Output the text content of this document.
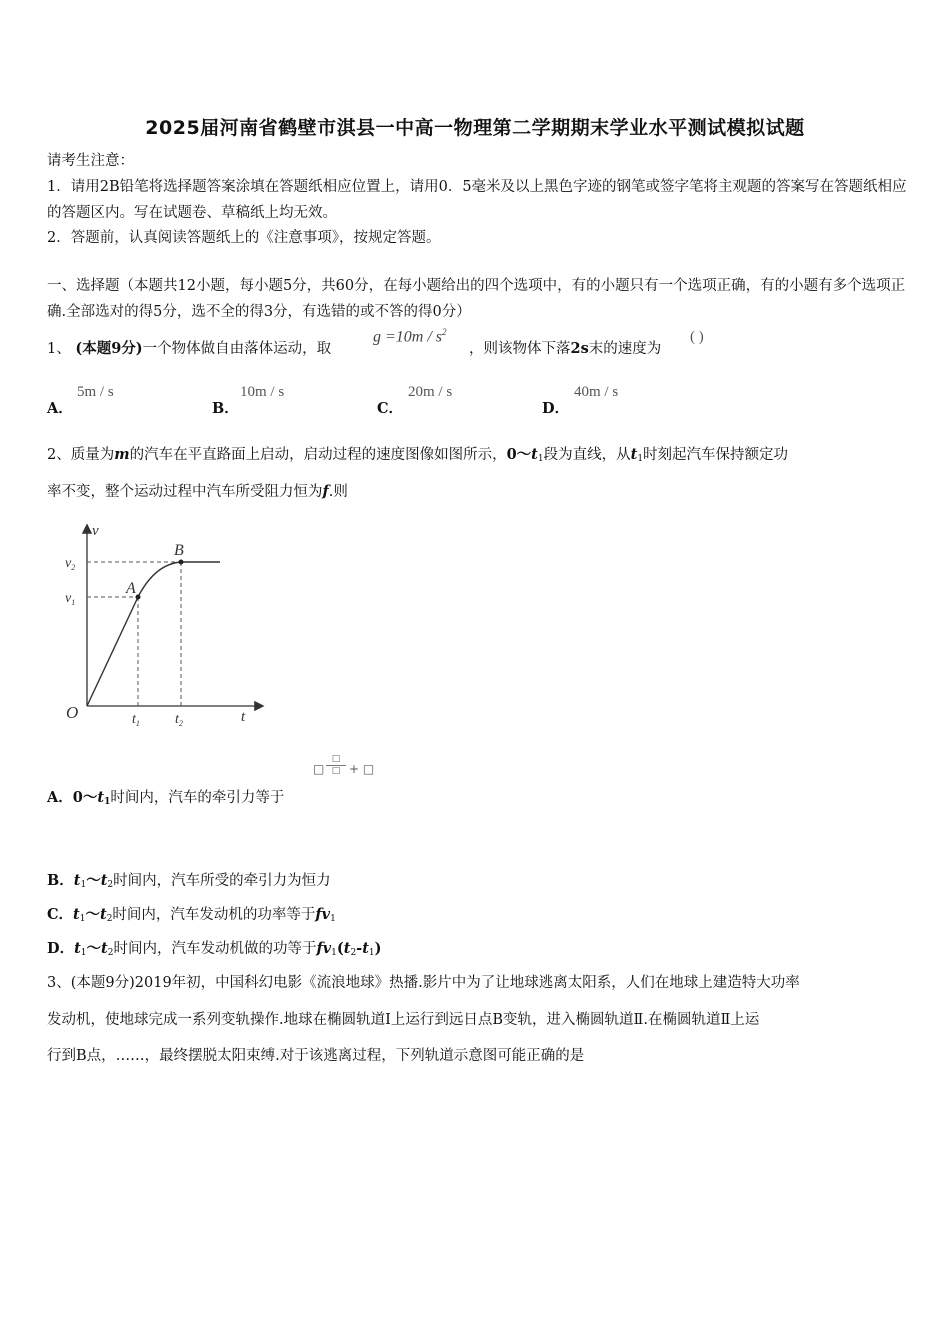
2025届河南省鹤壁市淇县一中高一物理第二学期期末学业水平测试模拟试题
请考生注意：
1．请用2B铅笔将选择题答案涂填在答题纸相应位置上，请用0．5毫米及以上黑色字迹的钢笔或签字笔将主观题的答案写在答题纸相应的答题区内。写在试题卷、草稿纸上均无效。
2．答题前，认真阅读答题纸上的《注意事项》，按规定答题。
一、选择题（本题共12小题，每小题5分，共60分，在每小题给出的四个选项中，有的小题只有一个选项正确，有的小题有多个选项正确.全部选对的得5分，选不全的得3分，有选错的或不答的得0分）
1、 (本题9分)一个物体做自由落体运动，取
$g =10m / s^2$
，则该物体下落2s末的速度为
( )
A．
5m / s
B．
10m / s
C．
20m / s
D．
40m / s
2、质量为m的汽车在平直路面上启动，启动过程的速度图像如图所示，$0\sim t_1$段为直线，从$t_1$时刻起汽车保持额定功
率不变，整个运动过程中汽车所受阻力恒为f.则
v
t
O
$v_1$
$v_2$
$t_1$	$t_2$
A
B
□
□
□ + □
A．$0\sim t_1$时间内，汽车的牵引力等于
B．$t_1\sim t_2$时间内，汽车所受的牵引力为恒力
C．$t_1\sim t_2$时间内，汽车发动机的功率等于$fv_1$
D．$t_1\sim t_2$时间内，汽车发动机做的功等于$fv_1(t_2-t_1)$
3、(本题9分)2019年初，中国科幻电影《流浪地球》热播.影片中为了让地球逃离太阳系，人们在地球上建造特大功率
发动机，使地球完成一系列变轨操作.地球在椭圆轨道Ⅰ上运行到远日点B变轨，进入椭圆轨道Ⅱ.在椭圆轨道Ⅱ上运
行到B点，……，最终摆脱太阳束缚.对于该逃离过程，下列轨道示意图可能正确的是
